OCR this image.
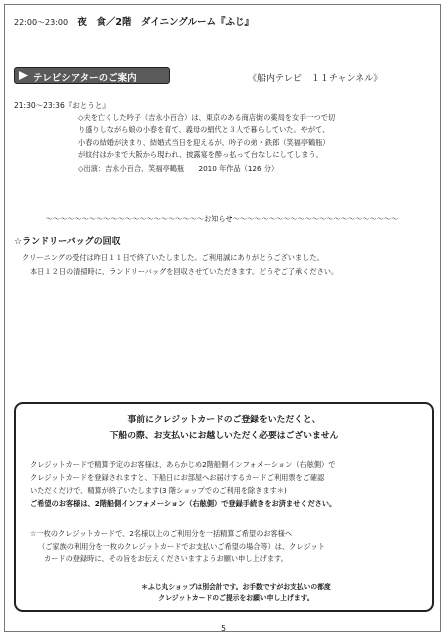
22:00〜23:00 夜　食／2階　ダイニングルーム『ふじ』
テレビシアターのご案内	《船内テレビ　１１チャンネル》
21:30〜23:36『おとうと』

◇夫を亡くした吟子（吉永小百合）は、東京のある商店街の薬局を女手一つで切

り盛りしながら娘の小春を育て、義母の絹代と３人で暮らしていた。やがて、

小春の結婚が決まり、結婚式当日を迎えるが、吟子の弟・鉄郎（笑福亭鶴瓶）

が紋付はかまで大阪から現われ、披露宴を酔っ払って台なしにしてしまう。

◇出演：吉永小百合、笑福亭鶴瓶　　2010 年作品（126 分）
〜〜〜〜〜〜〜〜〜〜〜〜〜〜〜〜〜〜〜〜〜〜お知らせ〜〜〜〜〜〜〜〜〜〜〜〜〜〜〜〜〜〜〜〜〜〜〜
☆ランドリーバッグの回収

クリーニングの受付は昨日１１日で終了いたしました。ご利用誠にありがとうございました。

本日１２日の清掃時に、ランドリーバッグを回収させていただきます。どうぞご了承ください。

事前にクレジットカードのご登録をいただくと、
下船の際、お支払いにお越しいただく必要はございません

クレジットカードで精算予定のお客様は、あらかじめ2階船側インフォメーション（右舷側）で

クレジットカードを登録されますと、下船日にお部屋へお届けするカードご利用票をご確認

いただくだけで、精算が終了いたします(3 階ショップでのご利用を除きます＊)

ご希望のお客様は、2階船側インフォメーション（右舷側）で登録手続きをお済ませください。

☆一枚のクレジットカードで、2名様以上のご利用分を一括精算ご希望のお客様へ

（ご家族の利用分を一枚のクレジットカードでお支払いご希望の場合等）は、クレジット

カードの登録時に、その旨をお伝えくださいますようお願い申し上げます。

＊ふじ丸ショップは別会計です。お手数ですがお支払いの都度

クレジットカードのご提示をお願い申し上げます。

5
